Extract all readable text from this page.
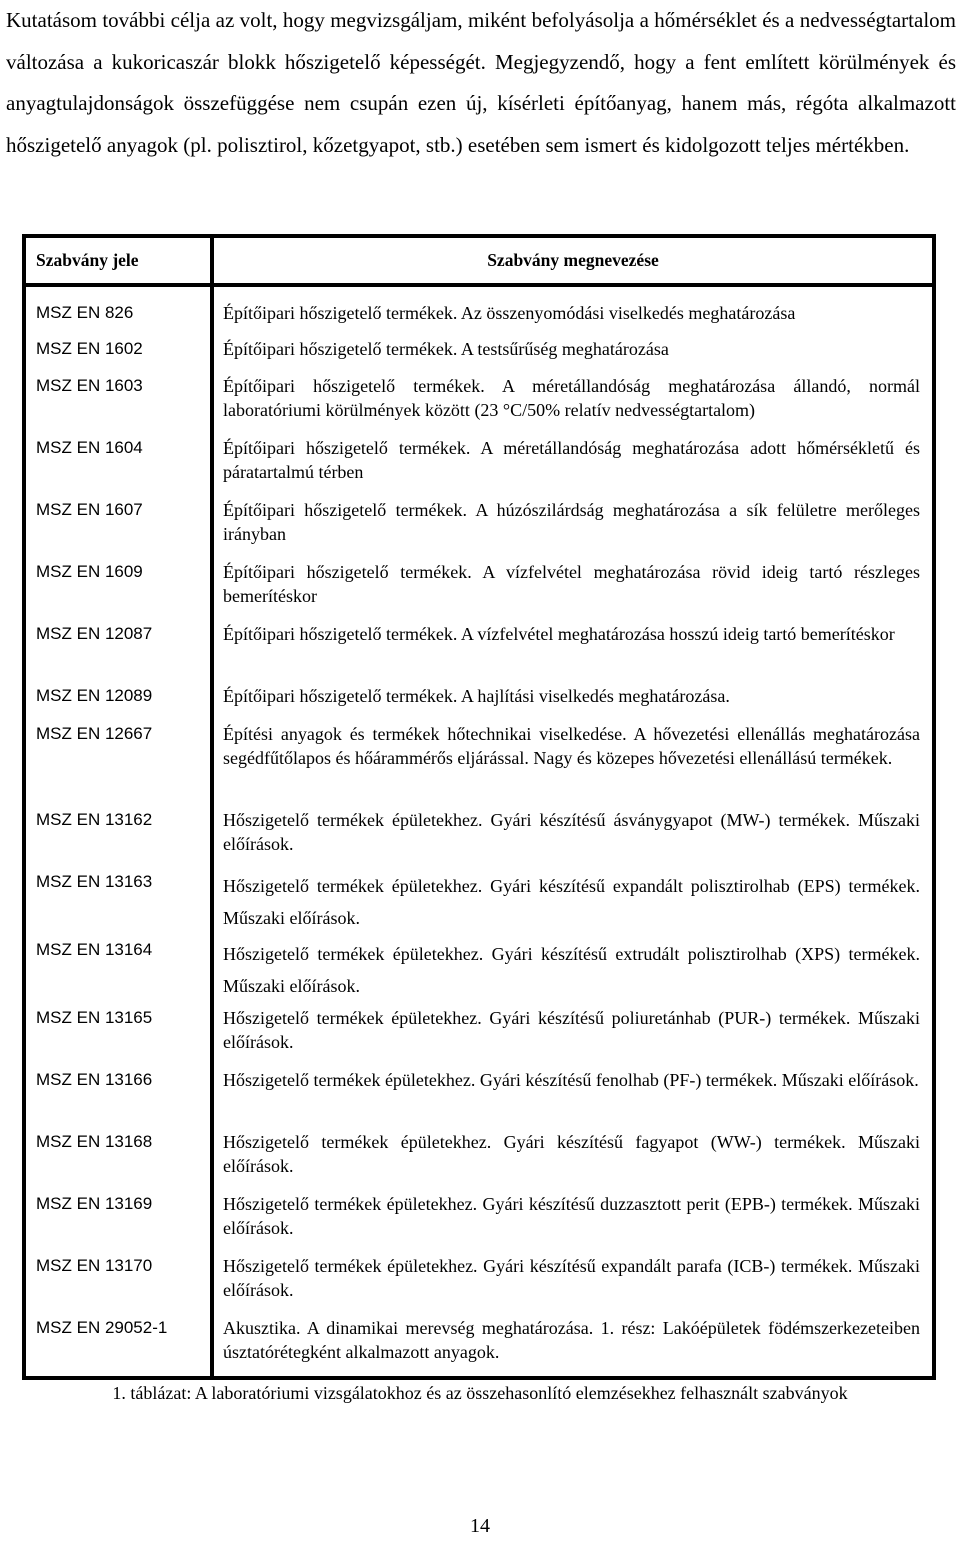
Kutatásom további célja az volt, hogy megvizsgáljam, miként befolyásolja a hőmérséklet és a nedvességtartalom változása a kukoricaszár blokk hőszigetelő képességét. Megjegyzendő, hogy a fent említett körülmények és anyagtulajdonságok összefüggése nem csupán ezen új, kísérleti építőanyag, hanem más, régóta alkalmazott hőszigetelő anyagok (pl. polisztirol, kőzetgyapot, stb.) esetében sem ismert és kidolgozott teljes mértékben.

Szabvány jele	Szabvány megnevezése
MSZ EN 826	Építőipari hőszigetelő termékek. Az összenyomódási viselkedés meghatározása
MSZ EN 1602	Építőipari hőszigetelő termékek. A testsűrűség meghatározása
MSZ EN 1603	Építőipari hőszigetelő termékek. A méretállandóság meghatározása állandó, normál laboratóriumi körülmények között (23 °C/50% relatív nedvességtartalom)
MSZ EN 1604	Építőipari hőszigetelő termékek. A méretállandóság meghatározása adott hőmérsékletű és páratartalmú térben
MSZ EN 1607	Építőipari hőszigetelő termékek. A húzószilárdság meghatározása a sík felületre merőleges irányban
MSZ EN 1609	Építőipari hőszigetelő termékek. A vízfelvétel meghatározása rövid ideig tartó részleges bemerítéskor
MSZ EN 12087	Építőipari hőszigetelő termékek. A vízfelvétel meghatározása hosszú ideig tartó bemerítéskor
MSZ EN 12089	Építőipari hőszigetelő termékek. A hajlítási viselkedés meghatározása.
MSZ EN 12667	Építési anyagok és termékek hőtechnikai viselkedése. A hővezetési ellenállás meghatározása segédfűtőlapos és hőárammérős eljárással. Nagy és közepes hővezetési ellenállású termékek.
MSZ EN 13162	Hőszigetelő termékek épületekhez. Gyári készítésű ásványgyapot (MW-) termékek. Műszaki előírások.
MSZ EN 13163	Hőszigetelő termékek épületekhez. Gyári készítésű expandált polisztirolhab (EPS) termékek. Műszaki előírások.
MSZ EN 13164	Hőszigetelő termékek épületekhez. Gyári készítésű extrudált polisztirolhab (XPS) termékek. Műszaki előírások.
MSZ EN 13165	Hőszigetelő termékek épületekhez. Gyári készítésű poliuretánhab (PUR-) termékek. Műszaki előírások.
MSZ EN 13166	Hőszigetelő termékek épületekhez. Gyári készítésű fenolhab (PF-) termékek. Műszaki előírások.
MSZ EN 13168	Hőszigetelő termékek épületekhez. Gyári készítésű fagyapot (WW-) termékek. Műszaki előírások.
MSZ EN 13169	Hőszigetelő termékek épületekhez. Gyári készítésű duzzasztott perit (EPB-) termékek. Műszaki előírások.
MSZ EN 13170	Hőszigetelő termékek épületekhez. Gyári készítésű expandált parafa (ICB-) termékek. Műszaki előírások.
MSZ EN 29052-1	Akusztika. A dinamikai merevség meghatározása. 1. rész: Lakóépületek födémszerkezeteiben úsztatórétegként alkalmazott anyagok.

1. táblázat: A laboratóriumi vizsgálatokhoz és az összehasonlító elemzésekhez felhasznált szabványok

14
